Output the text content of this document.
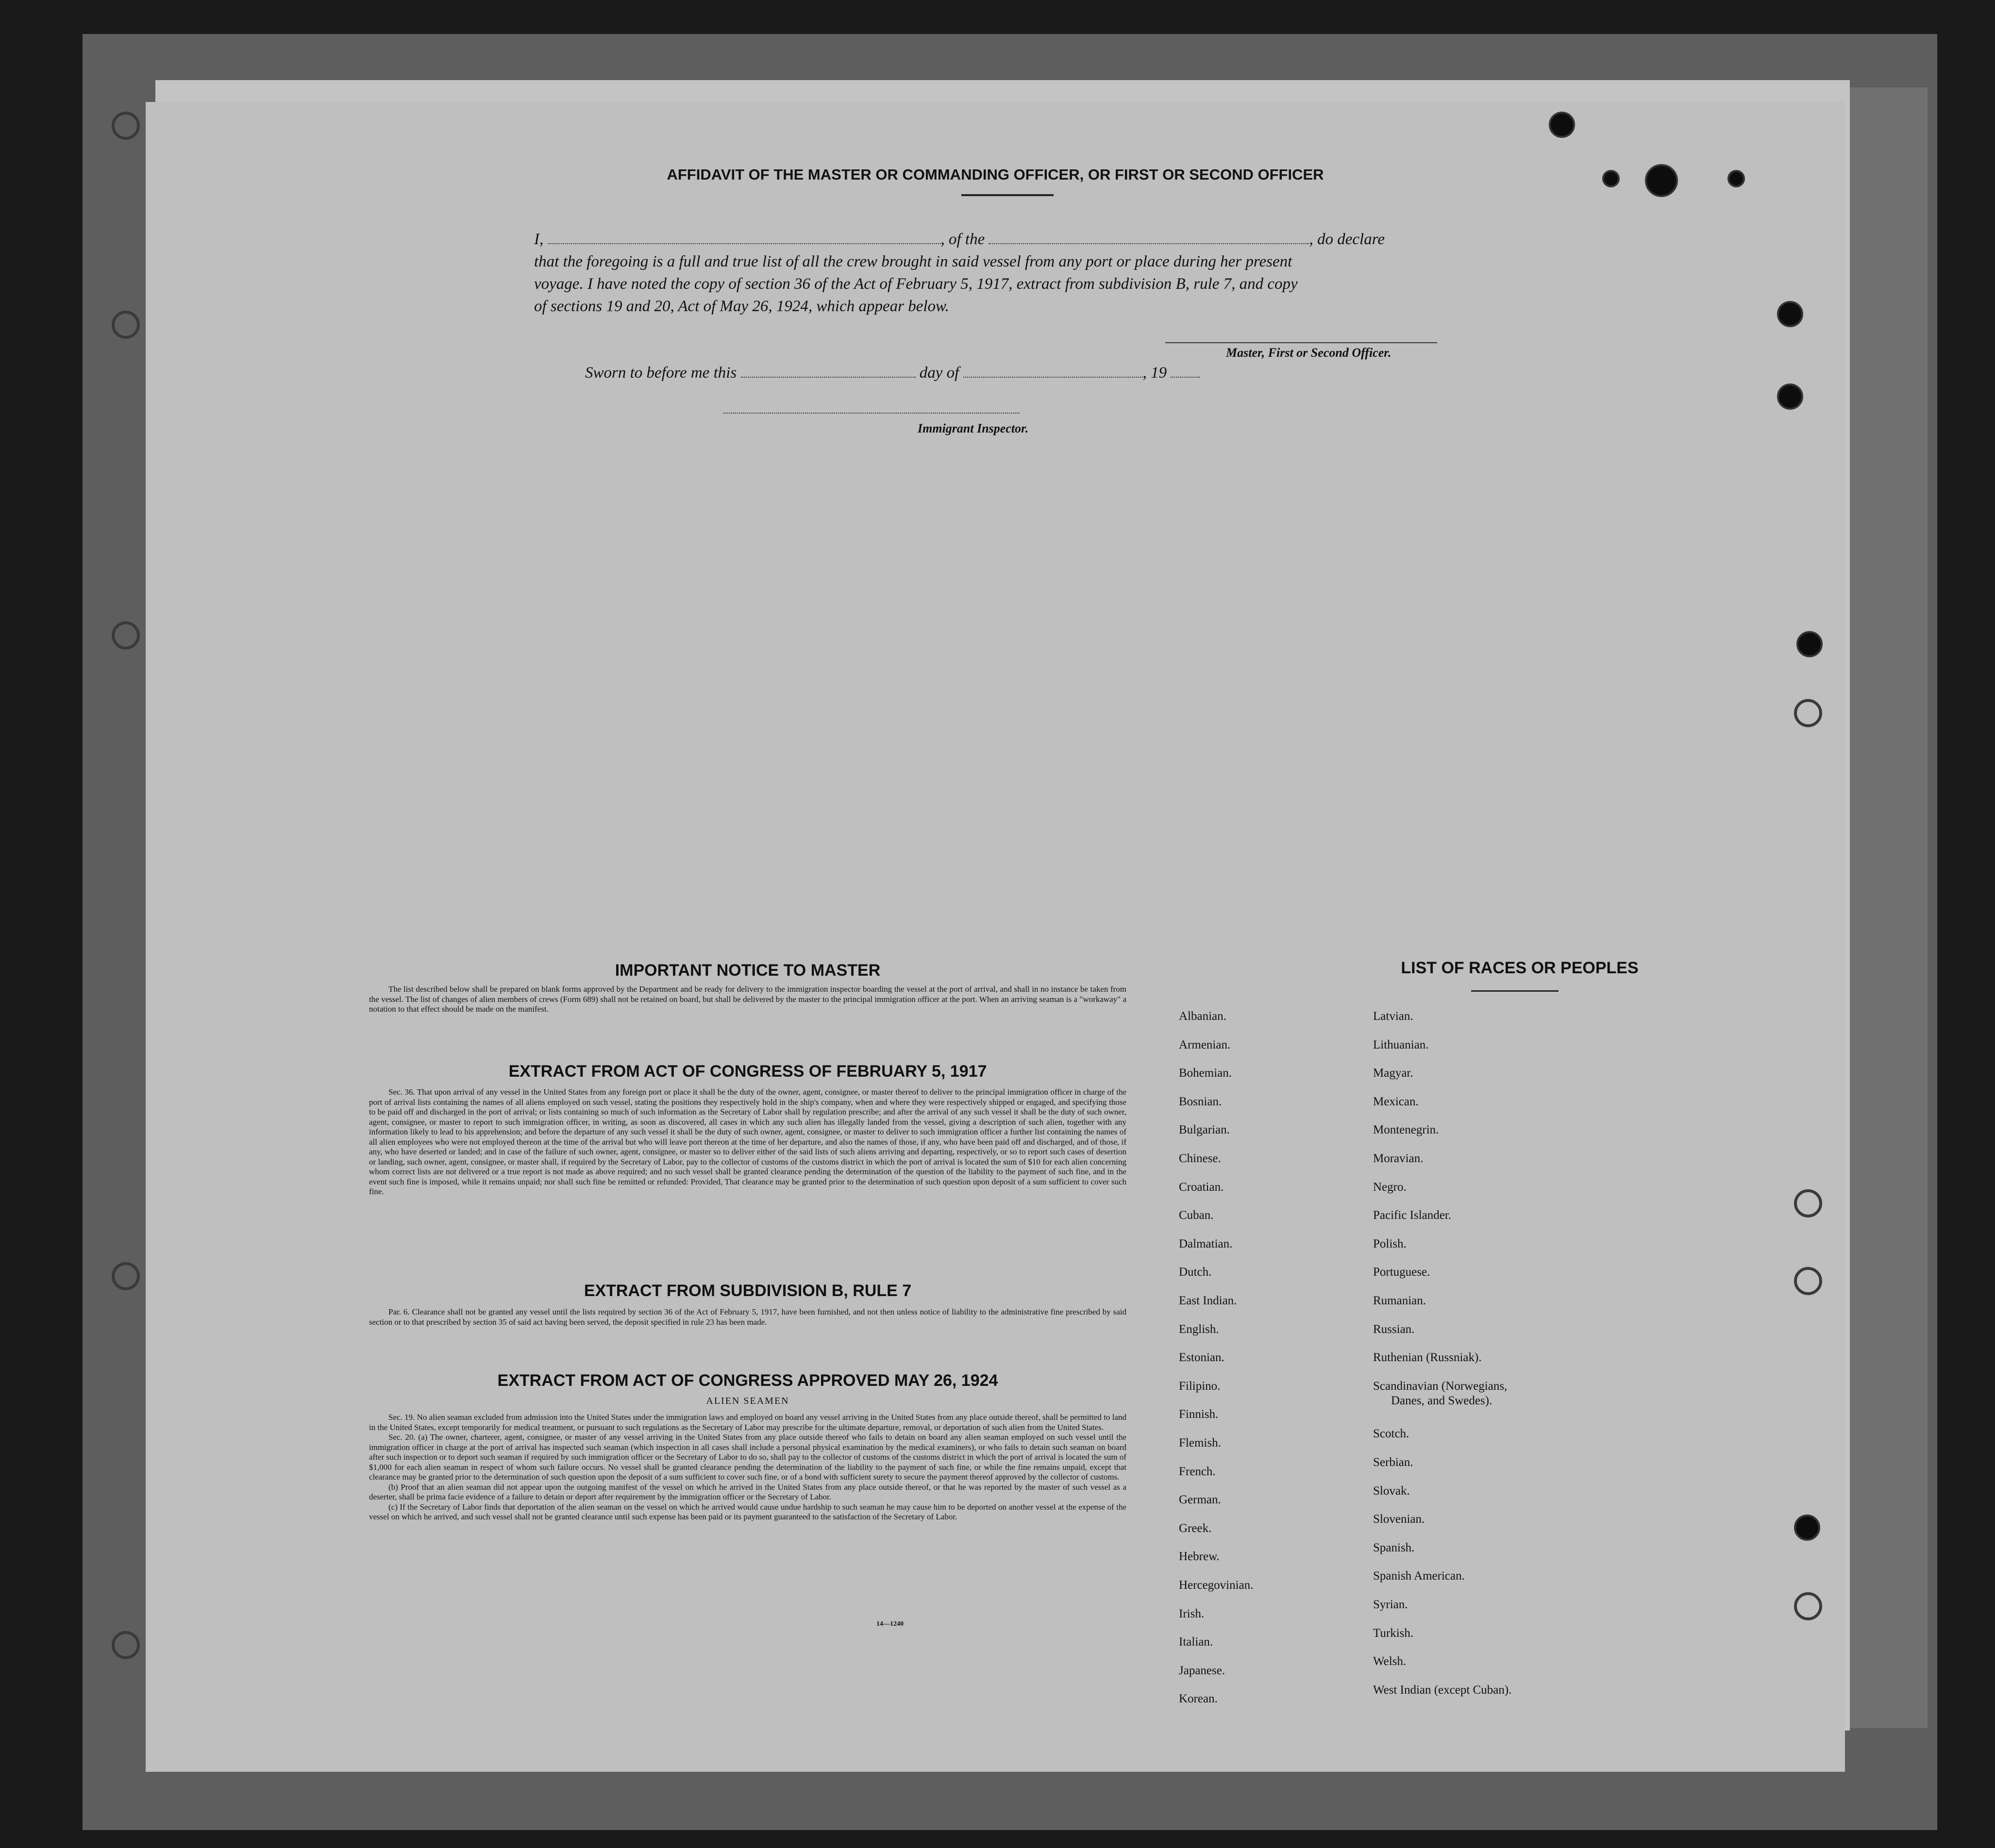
AFFIDAVIT OF THE MASTER OR COMMANDING OFFICER, OR FIRST OR SECOND OFFICER
I,	, of the	, do declare
that the foregoing is a full and true list of all the crew brought in said vessel from any port or place during her present
voyage. I have noted the copy of section 36 of the Act of February 5, 1917, extract from subdivision B, rule 7, and copy
of sections 19 and 20, Act of May 26, 1924, which appear below.
Master, First or Second Officer.
Sworn to before me this	day of	, 19
Immigrant Inspector.
IMPORTANT NOTICE TO MASTER

The list described below shall be prepared on blank forms approved by the Department and be ready for delivery to the immigration inspector boarding the vessel at the port of arrival, and shall in no instance be taken from the vessel. The list of changes of alien members of crews (Form 689) shall not be retained on board, but shall be delivered by the master to the principal immigration officer at the port. When an arriving seaman is a "workaway" a notation to that effect should be made on the manifest.

EXTRACT FROM ACT OF CONGRESS OF FEBRUARY 5, 1917

Sec. 36. That upon arrival of any vessel in the United States from any foreign port or place it shall be the duty of the owner, agent, consignee, or master thereof to deliver to the principal immigration officer in charge of the port of arrival lists containing the names of all aliens employed on such vessel, stating the positions they respectively hold in the ship's company, when and where they were respectively shipped or engaged, and specifying those to be paid off and discharged in the port of arrival; or lists containing so much of such information as the Secretary of Labor shall by regulation prescribe; and after the arrival of any such vessel it shall be the duty of such owner, agent, consignee, or master to report to such immigration officer, in writing, as soon as discovered, all cases in which any such alien has illegally landed from the vessel, giving a description of such alien, together with any information likely to lead to his apprehension; and before the departure of any such vessel it shall be the duty of such owner, agent, consignee, or master to deliver to such immigration officer a further list containing the names of all alien employees who were not employed thereon at the time of the arrival but who will leave port thereon at the time of her departure, and also the names of those, if any, who have been paid off and discharged, and of those, if any, who have deserted or landed; and in case of the failure of such owner, agent, consignee, or master so to deliver either of the said lists of such aliens arriving and departing, respectively, or so to report such cases of desertion or landing, such owner, agent, consignee, or master shall, if required by the Secretary of Labor, pay to the collector of customs of the customs district in which the port of arrival is located the sum of $10 for each alien concerning whom correct lists are not delivered or a true report is not made as above required; and no such vessel shall be granted clearance pending the determination of the question of the liability to the payment of such fine, and in the event such fine is imposed, while it remains unpaid; nor shall such fine be remitted or refunded: Provided, That clearance may be granted prior to the determination of such question upon deposit of a sum sufficient to cover such fine.

EXTRACT FROM SUBDIVISION B, RULE 7

Par. 6. Clearance shall not be granted any vessel until the lists required by section 36 of the Act of February 5, 1917, have been furnished, and not then unless notice of liability to the administrative fine prescribed by said section or to that prescribed by section 35 of said act having been served, the deposit specified in rule 23 has been made.

EXTRACT FROM ACT OF CONGRESS APPROVED MAY 26, 1924
ALIEN SEAMEN

Sec. 19. No alien seaman excluded from admission into the United States under the immigration laws and employed on board any vessel arriving in the United States from any place outside thereof, shall be permitted to land in the United States, except temporarily for medical treatment, or pursuant to such regulations as the Secretary of Labor may prescribe for the ultimate departure, removal, or deportation of such alien from the United States.

Sec. 20. (a) The owner, charterer, agent, consignee, or master of any vessel arriving in the United States from any place outside thereof who fails to detain on board any alien seaman employed on such vessel until the immigration officer in charge at the port of arrival has inspected such seaman (which inspection in all cases shall include a personal physical examination by the medical examiners), or who fails to detain such seaman on board after such inspection or to deport such seaman if required by such immigration officer or the Secretary of Labor to do so, shall pay to the collector of customs of the customs district in which the port of arrival is located the sum of $1,000 for each alien seaman in respect of whom such failure occurs. No vessel shall be granted clearance pending the determination of the liability to the payment of such fine, or while the fine remains unpaid, except that clearance may be granted prior to the determination of such question upon the deposit of a sum sufficient to cover such fine, or of a bond with sufficient surety to secure the payment thereof approved by the collector of customs.

(b) Proof that an alien seaman did not appear upon the outgoing manifest of the vessel on which he arrived in the United States from any place outside thereof, or that he was reported by the master of such vessel as a deserter, shall be prima facie evidence of a failure to detain or deport after requirement by the immigration officer or the Secretary of Labor.

(c) If the Secretary of Labor finds that deportation of the alien seaman on the vessel on which he arrived would cause undue hardship to such seaman he may cause him to be deported on another vessel at the expense of the vessel on which he arrived, and such vessel shall not be granted clearance until such expense has been paid or its payment guaranteed to the satisfaction of the Secretary of Labor.

14—1240
LIST OF RACES OR PEOPLES
Albanian.
Armenian.
Bohemian.
Bosnian.
Bulgarian.
Chinese.
Croatian.
Cuban.
Dalmatian.
Dutch.
East Indian.
English.
Estonian.
Filipino.
Finnish.
Flemish.
French.
German.
Greek.
Hebrew.
Hercegovinian.
Irish.
Italian.
Japanese.
Korean.
Latvian.
Lithuanian.
Magyar.
Mexican.
Montenegrin.
Moravian.
Negro.
Pacific Islander.
Polish.
Portuguese.
Rumanian.
Russian.
Ruthenian (Russniak).
Scandinavian (Norwegians,
Danes, and Swedes).
Scotch.
Serbian.
Slovak.
Slovenian.
Spanish.
Spanish American.
Syrian.
Turkish.
Welsh.
West Indian (except Cuban).
